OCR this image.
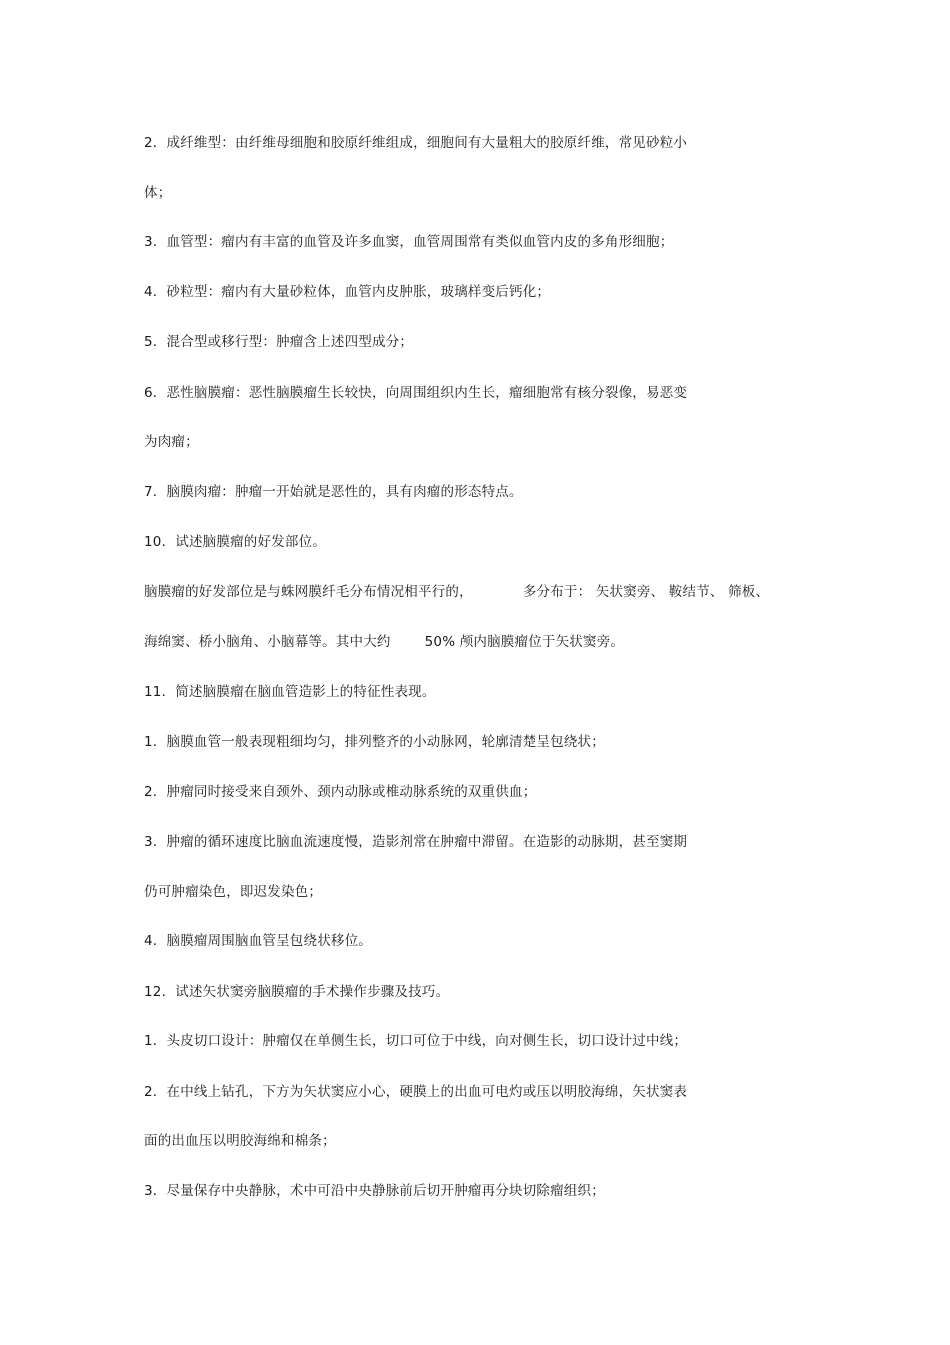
2．成纤维型：由纤维母细胞和胶原纤维组成，细胞间有大量粗大的胶原纤维，常见砂粒小
体；
3．血管型：瘤内有丰富的血管及许多血窦，血管周围常有类似血管内皮的多角形细胞；
4．砂粒型：瘤内有大量砂粒体，血管内皮肿胀，玻璃样变后钙化；
5．混合型或移行型：肿瘤含上述四型成分；
6．恶性脑膜瘤：恶性脑膜瘤生长较快，向周围组织内生长，瘤细胞常有核分裂像，易恶变
为肉瘤；
7．脑膜肉瘤：肿瘤一开始就是恶性的，具有肉瘤的形态特点。
10．试述脑膜瘤的好发部位。
脑膜瘤的好发部位是与蛛网膜纤毛分布情况相平行的，	多分布于： 矢状窦旁、 鞍结节、 筛板、
海绵窦、桥小脑角、小脑幕等。其中大约	50% 颅内脑膜瘤位于矢状窦旁。
11．简述脑膜瘤在脑血管造影上的特征性表现。
1．脑膜血管一般表现粗细均匀，排列整齐的小动脉网，轮廓清楚呈包绕状；
2．肿瘤同时接受来自颈外、颈内动脉或椎动脉系统的双重供血；
3．肿瘤的循环速度比脑血流速度慢，造影剂常在肿瘤中滞留。在造影的动脉期，甚至窦期
仍可肿瘤染色，即迟发染色；
4．脑膜瘤周围脑血管呈包绕状移位。
12．试述矢状窦旁脑膜瘤的手术操作步骤及技巧。
1．头皮切口设计：肿瘤仅在单侧生长，切口可位于中线，向对侧生长，切口设计过中线；
2．在中线上钻孔，下方为矢状窦应小心，硬膜上的出血可电灼或压以明胶海绵，矢状窦表
面的出血压以明胶海绵和棉条；
3．尽量保存中央静脉，术中可沿中央静脉前后切开肿瘤再分块切除瘤组织；
